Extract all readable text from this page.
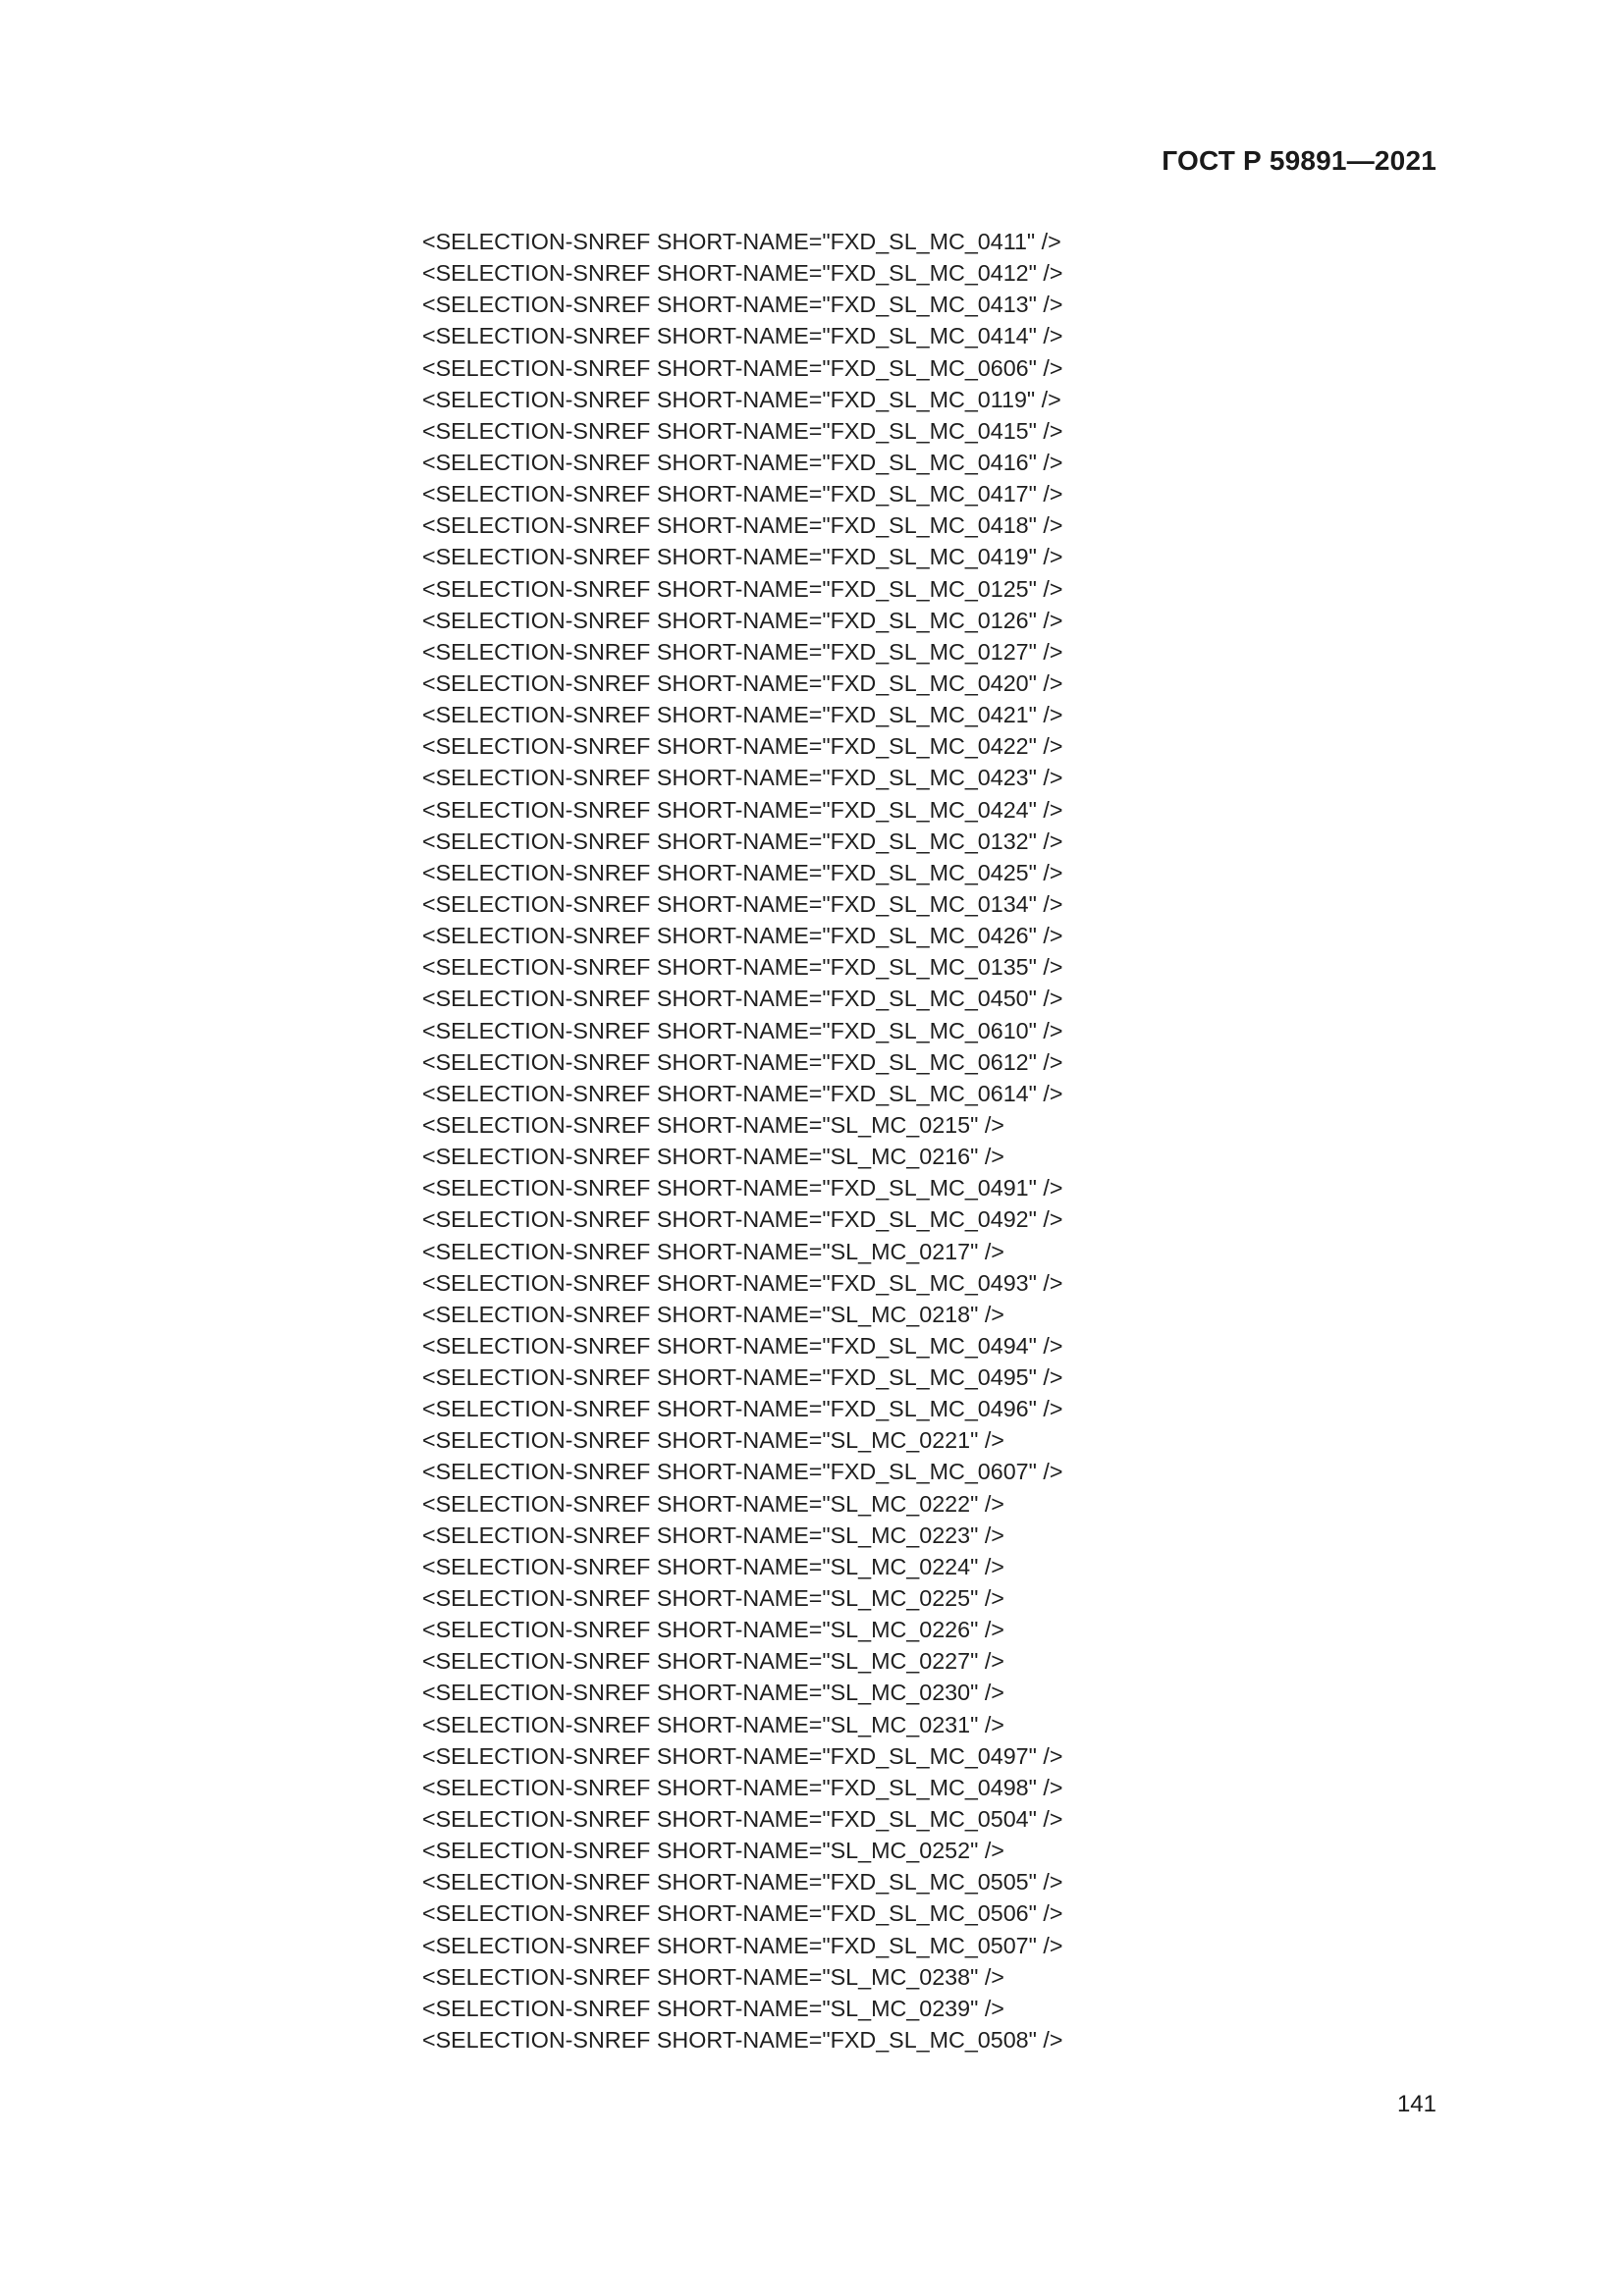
ГОСТ Р 59891—2021
<SELECTION-SNREF SHORT-NAME="FXD_SL_MC_0411" />
<SELECTION-SNREF SHORT-NAME="FXD_SL_MC_0412" />
<SELECTION-SNREF SHORT-NAME="FXD_SL_MC_0413" />
<SELECTION-SNREF SHORT-NAME="FXD_SL_MC_0414" />
<SELECTION-SNREF SHORT-NAME="FXD_SL_MC_0606" />
<SELECTION-SNREF SHORT-NAME="FXD_SL_MC_0119" />
<SELECTION-SNREF SHORT-NAME="FXD_SL_MC_0415" />
<SELECTION-SNREF SHORT-NAME="FXD_SL_MC_0416" />
<SELECTION-SNREF SHORT-NAME="FXD_SL_MC_0417" />
<SELECTION-SNREF SHORT-NAME="FXD_SL_MC_0418" />
<SELECTION-SNREF SHORT-NAME="FXD_SL_MC_0419" />
<SELECTION-SNREF SHORT-NAME="FXD_SL_MC_0125" />
<SELECTION-SNREF SHORT-NAME="FXD_SL_MC_0126" />
<SELECTION-SNREF SHORT-NAME="FXD_SL_MC_0127" />
<SELECTION-SNREF SHORT-NAME="FXD_SL_MC_0420" />
<SELECTION-SNREF SHORT-NAME="FXD_SL_MC_0421" />
<SELECTION-SNREF SHORT-NAME="FXD_SL_MC_0422" />
<SELECTION-SNREF SHORT-NAME="FXD_SL_MC_0423" />
<SELECTION-SNREF SHORT-NAME="FXD_SL_MC_0424" />
<SELECTION-SNREF SHORT-NAME="FXD_SL_MC_0132" />
<SELECTION-SNREF SHORT-NAME="FXD_SL_MC_0425" />
<SELECTION-SNREF SHORT-NAME="FXD_SL_MC_0134" />
<SELECTION-SNREF SHORT-NAME="FXD_SL_MC_0426" />
<SELECTION-SNREF SHORT-NAME="FXD_SL_MC_0135" />
<SELECTION-SNREF SHORT-NAME="FXD_SL_MC_0450" />
<SELECTION-SNREF SHORT-NAME="FXD_SL_MC_0610" />
<SELECTION-SNREF SHORT-NAME="FXD_SL_MC_0612" />
<SELECTION-SNREF SHORT-NAME="FXD_SL_MC_0614" />
<SELECTION-SNREF SHORT-NAME="SL_MC_0215" />
<SELECTION-SNREF SHORT-NAME="SL_MC_0216" />
<SELECTION-SNREF SHORT-NAME="FXD_SL_MC_0491" />
<SELECTION-SNREF SHORT-NAME="FXD_SL_MC_0492" />
<SELECTION-SNREF SHORT-NAME="SL_MC_0217" />
<SELECTION-SNREF SHORT-NAME="FXD_SL_MC_0493" />
<SELECTION-SNREF SHORT-NAME="SL_MC_0218" />
<SELECTION-SNREF SHORT-NAME="FXD_SL_MC_0494" />
<SELECTION-SNREF SHORT-NAME="FXD_SL_MC_0495" />
<SELECTION-SNREF SHORT-NAME="FXD_SL_MC_0496" />
<SELECTION-SNREF SHORT-NAME="SL_MC_0221" />
<SELECTION-SNREF SHORT-NAME="FXD_SL_MC_0607" />
<SELECTION-SNREF SHORT-NAME="SL_MC_0222" />
<SELECTION-SNREF SHORT-NAME="SL_MC_0223" />
<SELECTION-SNREF SHORT-NAME="SL_MC_0224" />
<SELECTION-SNREF SHORT-NAME="SL_MC_0225" />
<SELECTION-SNREF SHORT-NAME="SL_MC_0226" />
<SELECTION-SNREF SHORT-NAME="SL_MC_0227" />
<SELECTION-SNREF SHORT-NAME="SL_MC_0230" />
<SELECTION-SNREF SHORT-NAME="SL_MC_0231" />
<SELECTION-SNREF SHORT-NAME="FXD_SL_MC_0497" />
<SELECTION-SNREF SHORT-NAME="FXD_SL_MC_0498" />
<SELECTION-SNREF SHORT-NAME="FXD_SL_MC_0504" />
<SELECTION-SNREF SHORT-NAME="SL_MC_0252" />
<SELECTION-SNREF SHORT-NAME="FXD_SL_MC_0505" />
<SELECTION-SNREF SHORT-NAME="FXD_SL_MC_0506" />
<SELECTION-SNREF SHORT-NAME="FXD_SL_MC_0507" />
<SELECTION-SNREF SHORT-NAME="SL_MC_0238" />
<SELECTION-SNREF SHORT-NAME="SL_MC_0239" />
<SELECTION-SNREF SHORT-NAME="FXD_SL_MC_0508" />
141
